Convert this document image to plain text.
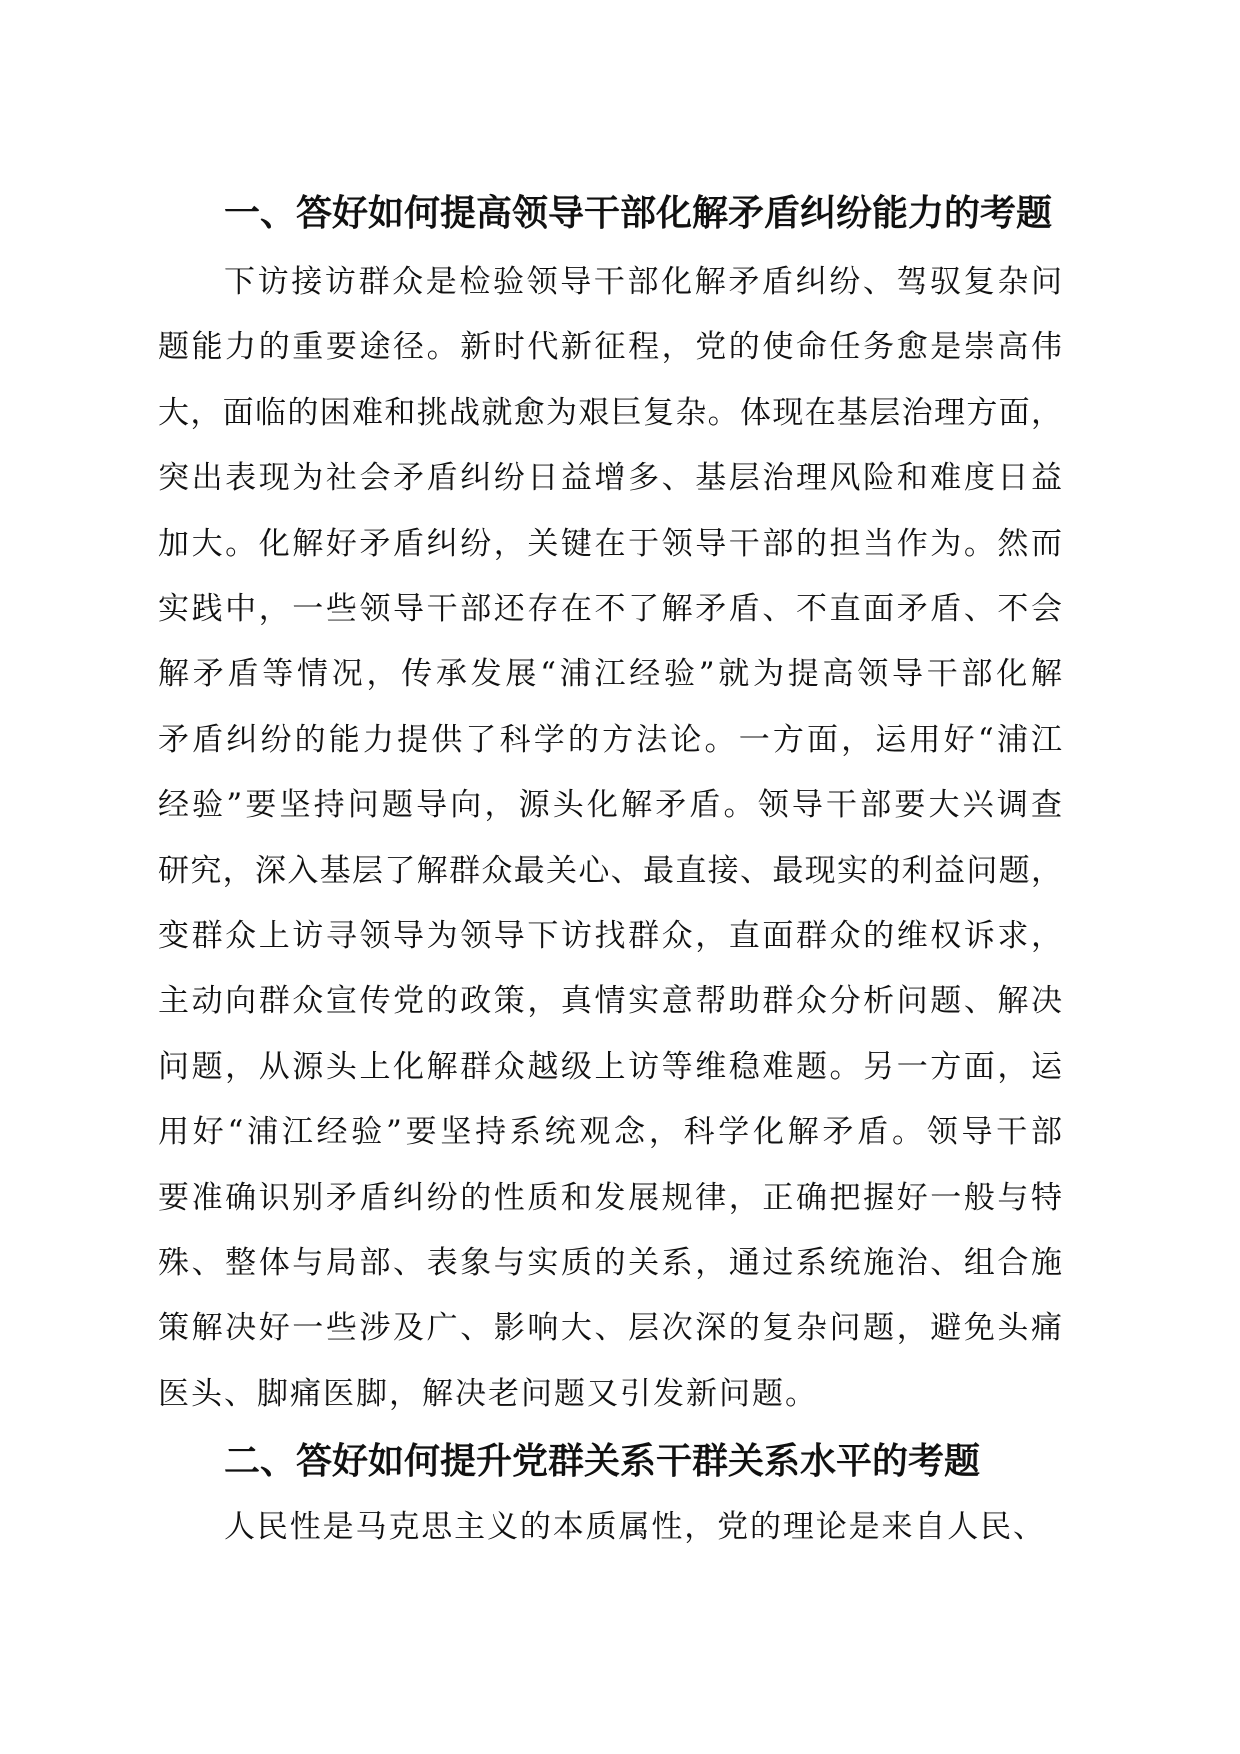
一、答好如何提高领导干部化解矛盾纠纷能力的考题
下访接访群众是检验领导干部化解矛盾纠纷、驾驭复杂问
题能力的重要途径。新时代新征程，党的使命任务愈是崇高伟
大，面临的困难和挑战就愈为艰巨复杂。体现在基层治理方面，
突出表现为社会矛盾纠纷日益增多、基层治理风险和难度日益
加大。化解好矛盾纠纷，关键在于领导干部的担当作为。然而
实践中，一些领导干部还存在不了解矛盾、不直面矛盾、不会
解矛盾等情况，传承发展“浦江经验”就为提高领导干部化解
矛盾纠纷的能力提供了科学的方法论。一方面，运用好“浦江
经验”要坚持问题导向，源头化解矛盾。领导干部要大兴调查
研究，深入基层了解群众最关心、最直接、最现实的利益问题，
变群众上访寻领导为领导下访找群众，直面群众的维权诉求，
主动向群众宣传党的政策，真情实意帮助群众分析问题、解决
问题，从源头上化解群众越级上访等维稳难题。另一方面，运
用好“浦江经验”要坚持系统观念，科学化解矛盾。领导干部
要准确识别矛盾纠纷的性质和发展规律，正确把握好一般与特
殊、整体与局部、表象与实质的关系，通过系统施治、组合施
策解决好一些涉及广、影响大、层次深的复杂问题，避免头痛
医头、脚痛医脚，解决老问题又引发新问题。
二、答好如何提升党群关系干群关系水平的考题
人民性是马克思主义的本质属性，党的理论是来自人民、
